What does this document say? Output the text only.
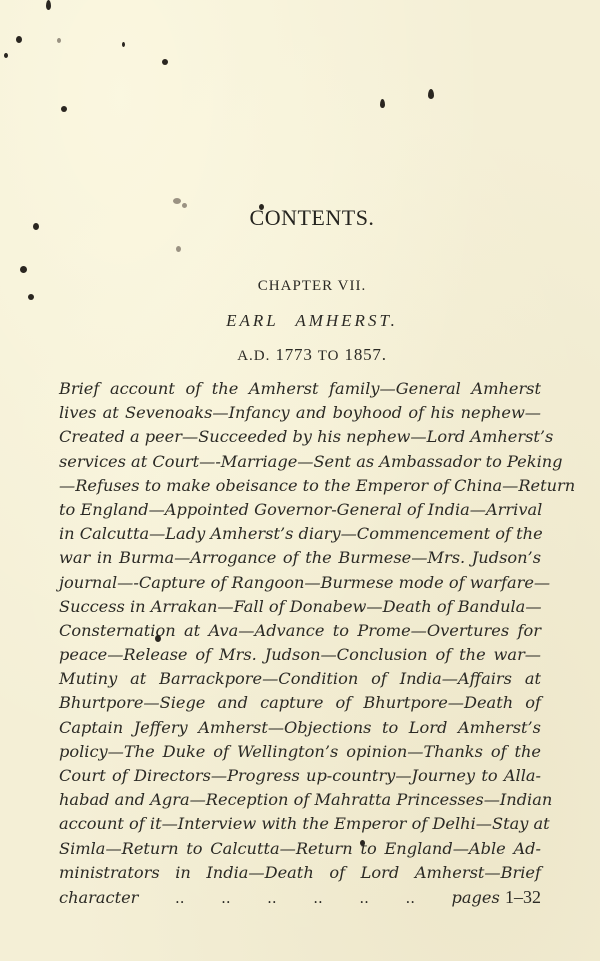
CONTENTS.
CHAPTER VII.
EARL AMHERST.
A.D. 1773 TO 1857.
Brief account of the Amherst family—General Amherst
lives at Sevenoaks—Infancy and boyhood of his nephew—
Created a peer—Succeeded by his nephew—Lord Amherst’s
services at Court—-Marriage—Sent as Ambassador to Peking
—Refuses to make obeisance to the Emperor of China—Return
to England—Appointed Governor-General of India—Arrival
in Calcutta—Lady Amherst’s diary—Commencement of the
war in Burma—Arrogance of the Burmese—Mrs. Judson’s
journal—-Capture of Rangoon—Burmese mode of warfare—
Success in Arrakan—Fall of Donabew—Death of Bandula—
Consternation at Ava—Advance to Prome—Overtures for
peace—Release of Mrs. Judson—Conclusion of the war—
Mutiny at Barrackpore—Condition of India—Affairs at
Bhurtpore—Siege and capture of Bhurtpore—Death of
Captain Jeffery Amherst—Objections to Lord Amherst’s
policy—The Duke of Wellington’s opinion—Thanks of the
Court of Directors—Progress up-country—Journey to Alla-
habad and Agra—Reception of Mahratta Princesses—Indian
account of it—Interview with the Emperor of Delhi—Stay at
Simla—Return to Calcutta—Return to England—Able Ad-
ministrators in India—Death of Lord Amherst—Brief
character .. .. .. .. .. .. pages 1–32
